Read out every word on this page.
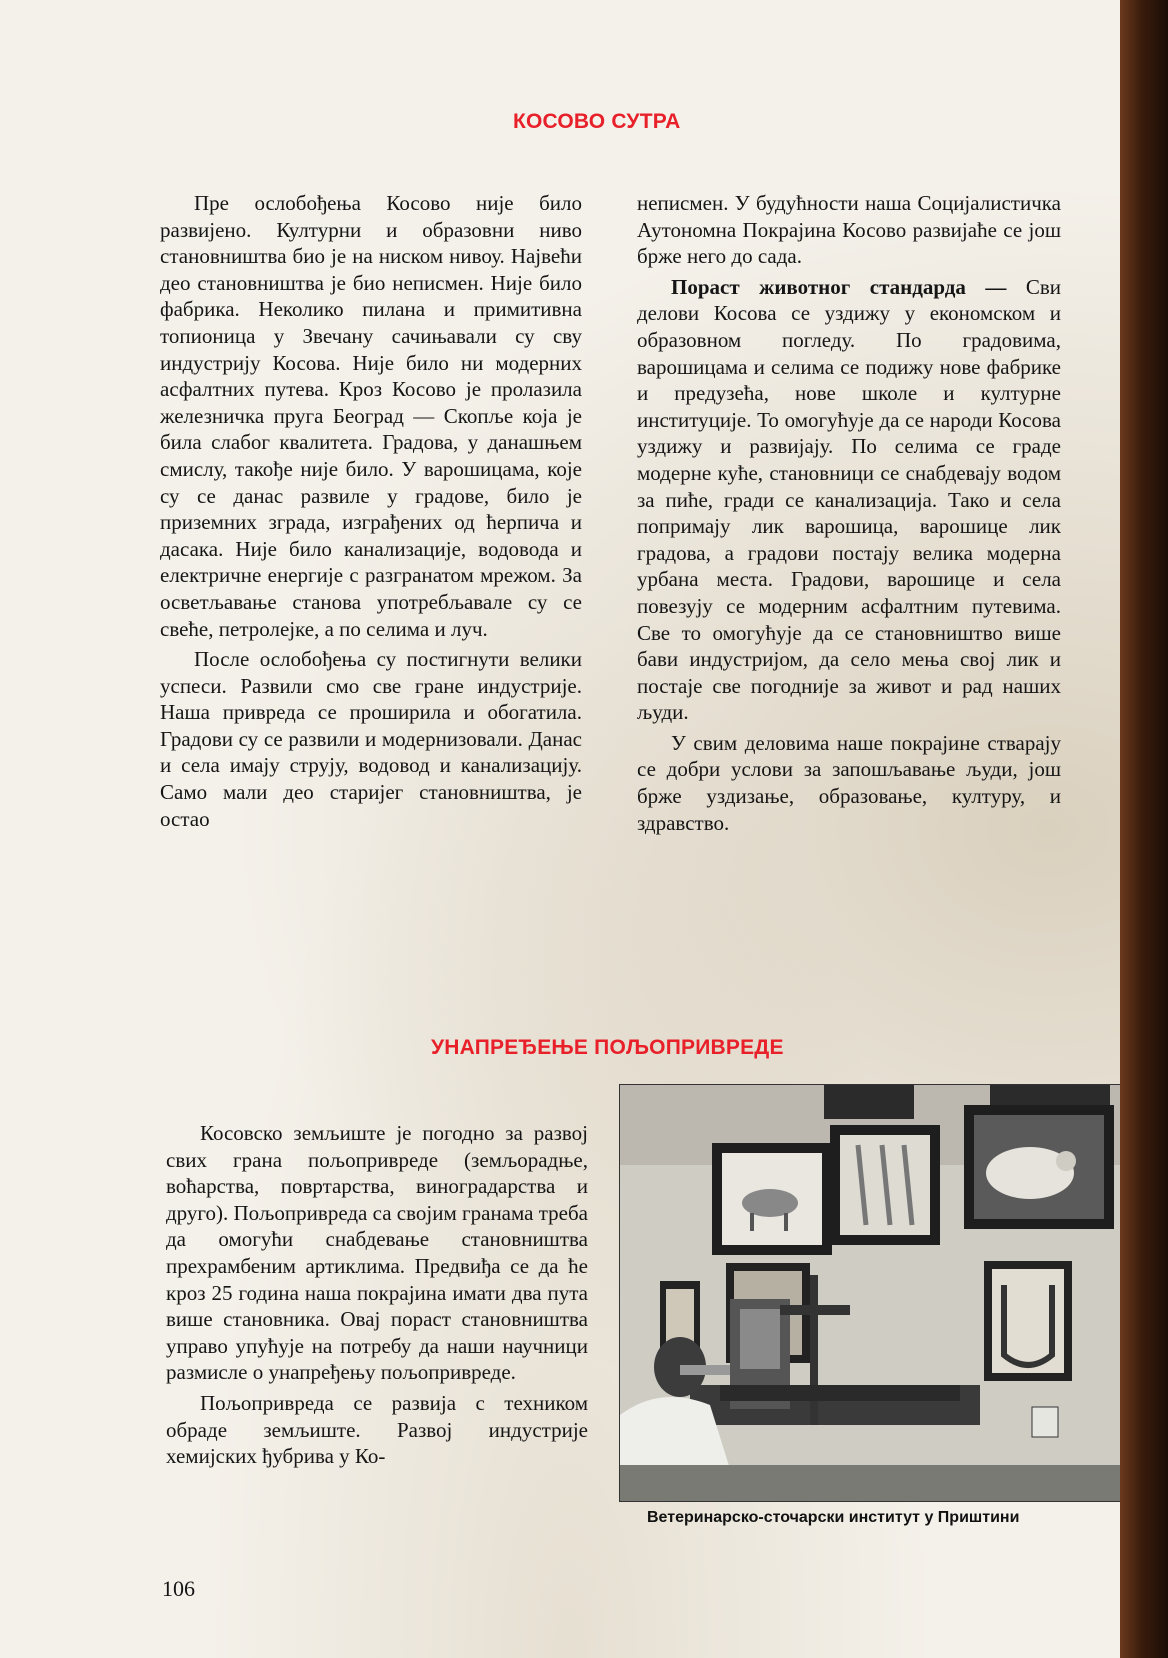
КОСОВО СУТРА

Пре ослобођења Косово није било развијено. Културни и образовни ниво становништва био је на ниском нивоу. Највећи део становништва је био неписмен. Није било фабрика. Неколико пилана и примитивна топионица у Звечану сачињавали су сву индустрију Косова. Није било ни модерних асфалтних путева. Кроз Косово је пролазила железничка пруга Београд — Скопље која је била слабог квалитета. Градова, у данашњем смислу, такође није било. У варошицама, које су се данас развиле у градове, било је приземних зграда, изграђених од ћерпича и дасака. Није било канализације, водовода и електричне енергије с разгранатом мрежом. За осветљавање станова употребљавале су се свеће, петролејке, а по селима и луч.

После ослобођења су постигнути велики успеси. Развили смо све гране индустрије. Наша привреда се проширила и обогатила. Градови су се развили и модернизовали. Данас и села имају струју, водовод и канализацију. Само мали део старијег становништва, је остао

неписмен. У будућности наша Социјалистичка Аутономна Покрајина Косово развијаће се још брже него до сада.

Пораст животног стандарда — Сви делови Косова се уздижу у економском и образовном погледу. По градовима, варошицама и селима се подижу нове фабрике и предузећа, нове школе и културне институције. То омогућује да се народи Косова уздижу и развијају. По селима се граде модерне куће, становници се снабдевају водом за пиће, гради се канализација. Тако и села попримају лик варошица, варошице лик градова, а градови постају велика модерна урбана места. Градови, варошице и села повезују се модерним асфалтним путевима. Све то омогућује да се становништво више бави индустријом, да село мења свој лик и постаје све погодније за живот и рад наших људи.

У свим деловима наше покрајине стварају се добри услови за запошљавање људи, још брже уздизање, образовање, културу, и здравство.

УНАПРЕЂЕЊЕ ПОЉОПРИВРЕДЕ

Косовско земљиште је погодно за развој свих грана пољопривреде (земљорадње, воћарства, повртарства, виноградарства и друго). Пољопривреда са својим гранама треба да омогући снабдевање становништва прехрамбеним артиклима. Предвиђа се да ће кроз 25 година наша покрајина имати два пута више становника. Овај пораст становништва управо упућује на потребу да наши научници размисле о унапређењу пољопривреде.

Пољопривреда се развија с техником обраде земљиште. Развој индустрије хемијских ђубрива у Ко-

Ветеринарско-сточарски институт у Приштини
106
